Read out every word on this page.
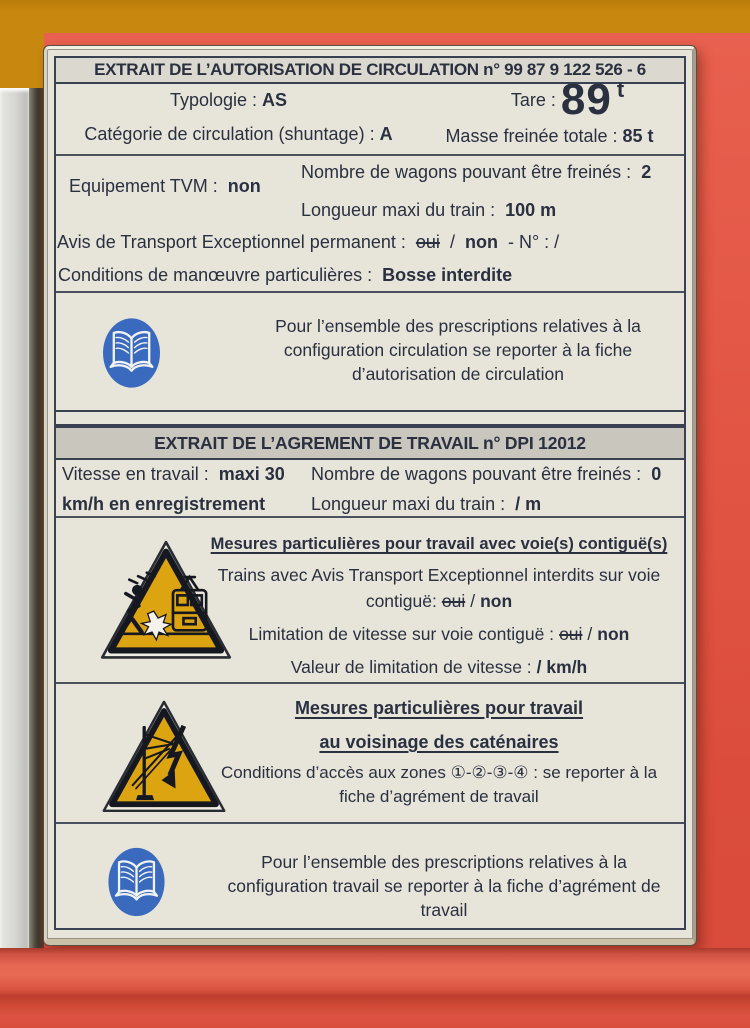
EXTRAIT DE L’AUTORISATION DE CIRCULATION n° 99 87 9 122 526 - 6
Typologie : AS	Tare : 89 t
Catégorie de circulation (shuntage) : A	Masse freinée totale : 85 t
Equipement TVM : non
Nombre de wagons pouvant être freinés : 2
Longueur maxi du train : 100 m
Avis de Transport Exceptionnel permanent : oui / non - N° : /
Conditions de manœuvre particulières : Bosse interdite
Pour l’ensemble des prescriptions relatives à la
configuration circulation se reporter à la fiche
d’autorisation de circulation
EXTRAIT DE L’AGREMENT DE TRAVAIL n° DPI 12012
Vitesse en travail : maxi 30
km/h en enregistrement
Nombre de wagons pouvant être freinés : 0
Longueur maxi du train : / m
Mesures particulières pour travail avec voie(s) contiguë(s)
Trains avec Avis Transport Exceptionnel interdits sur voie
contiguë: oui / non
Limitation de vitesse sur voie contiguë : oui / non
Valeur de limitation de vitesse : / km/h
Mesures particulières pour travail
au voisinage des caténaires
Conditions d’accès aux zones ①-②-③-④ : se reporter à la
fiche d’agrément de travail
Pour l’ensemble des prescriptions relatives à la
configuration travail se reporter à la fiche d’agrément de
travail
